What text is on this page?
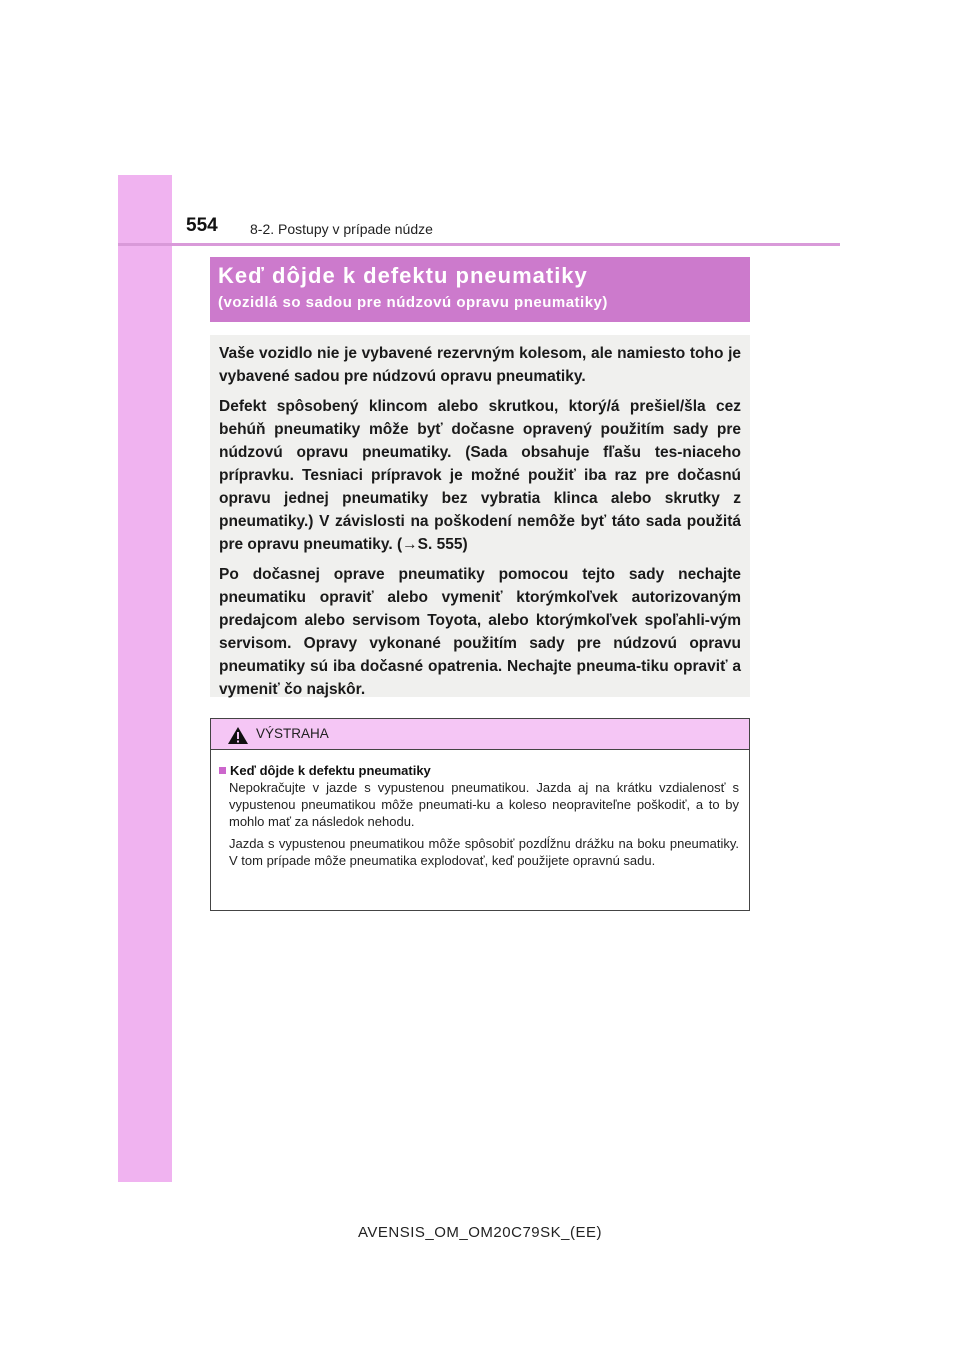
554 8-2. Postupy v prípade núdze
Keď dôjde k defektu pneumatiky
(vozidlá so sadou pre núdzovú opravu pneumatiky)

Vaše vozidlo nie je vybavené rezervným kolesom, ale namiesto toho je vybavené sadou pre núdzovú opravu pneumatiky.

Defekt spôsobený klincom alebo skrutkou, ktorý/á prešiel/šla cez behúň pneumatiky môže byť dočasne opravený použitím sady pre núdzovú opravu pneumatiky. (Sada obsahuje fľašu tes-niaceho prípravku. Tesniaci prípravok je možné použiť iba raz pre dočasnú opravu jednej pneumatiky bez vybratia klinca alebo skrutky z pneumatiky.) V závislosti na poškodení nemôže byť táto sada použitá pre opravu pneumatiky. (→S. 555)

Po dočasnej oprave pneumatiky pomocou tejto sady nechajte pneumatiku opraviť alebo vymeniť ktorýmkoľvek autorizovaným predajcom alebo servisom Toyota, alebo ktorýmkoľvek spoľahli-vým servisom. Opravy vykonané použitím sady pre núdzovú opravu pneumatiky sú iba dočasné opatrenia. Nechajte pneuma-tiku opraviť a vymeniť čo najskôr.

VÝSTRAHA
Keď dôjde k defektu pneumatiky

Nepokračujte v jazde s vypustenou pneumatikou. Jazda aj na krátku vzdialenosť s vypustenou pneumatikou môže pneumati-ku a koleso neopraviteľne poškodiť, a to by mohlo mať za následok nehodu.

Jazda s vypustenou pneumatikou môže spôsobiť pozdĺžnu drážku na boku pneumatiky. V tom prípade môže pneumatika explodovať, keď použijete opravnú sadu.

AVENSIS_OM_OM20C79SK_(EE)
